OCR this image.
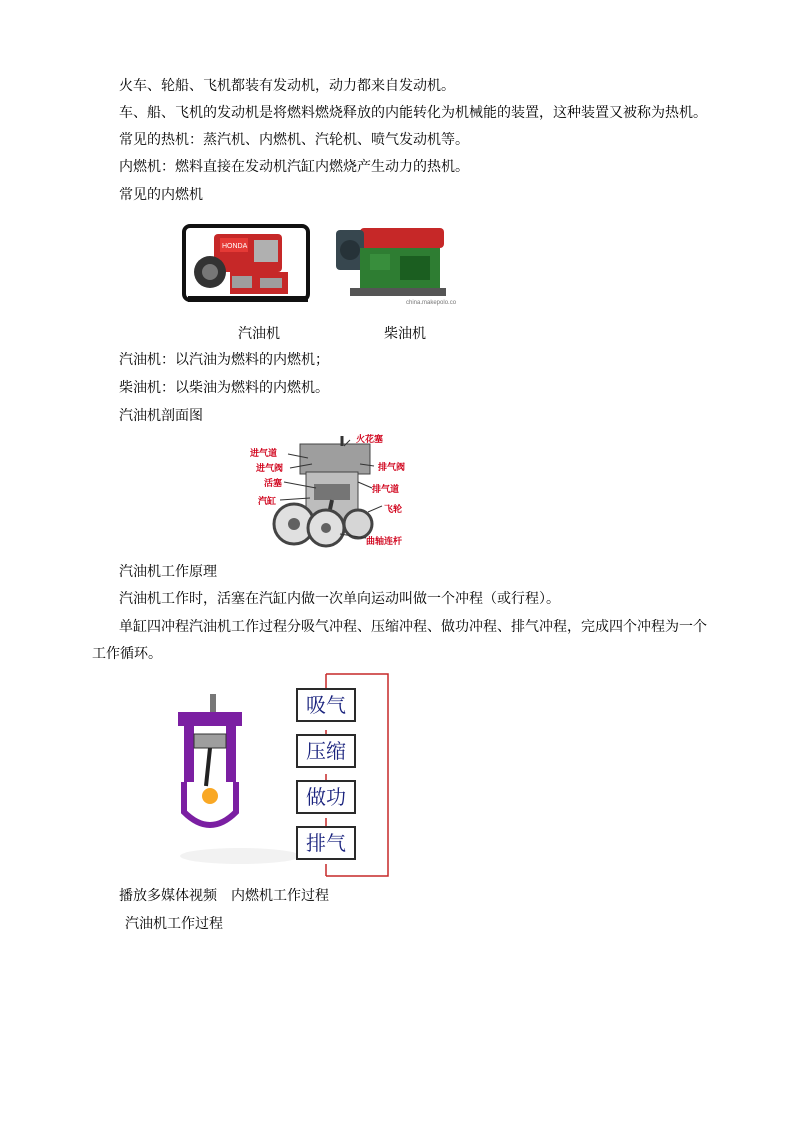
火车、轮船、飞机都装有发动机，动力都来自发动机。
车、船、飞机的发动机是将燃料燃烧释放的内能转化为机械能的装置，这种装置又被称为热机。
常见的热机：蒸汽机、内燃机、汽轮机、喷气发动机等。
内燃机：燃料直接在发动机汽缸内燃烧产生动力的热机。
常见的内燃机
HONDA
china.makepolo.com
汽油机	柴油机
汽油机：以汽油为燃料的内燃机；
柴油机：以柴油为燃料的内燃机。
汽油机剖面图
火花塞
进气道
进气阀	排气阀
活塞
排气道
汽缸
飞轮
曲轴连杆
汽油机工作原理
汽油机工作时，活塞在汽缸内做一次单向运动叫做一个冲程（或行程）。
单缸四冲程汽油机工作过程分吸气冲程、压缩冲程、做功冲程、排气冲程，完成四个冲程为一个
工作循环。
吸气
压缩
做功
排气
播放多媒体视频　内燃机工作过程
汽油机工作过程
